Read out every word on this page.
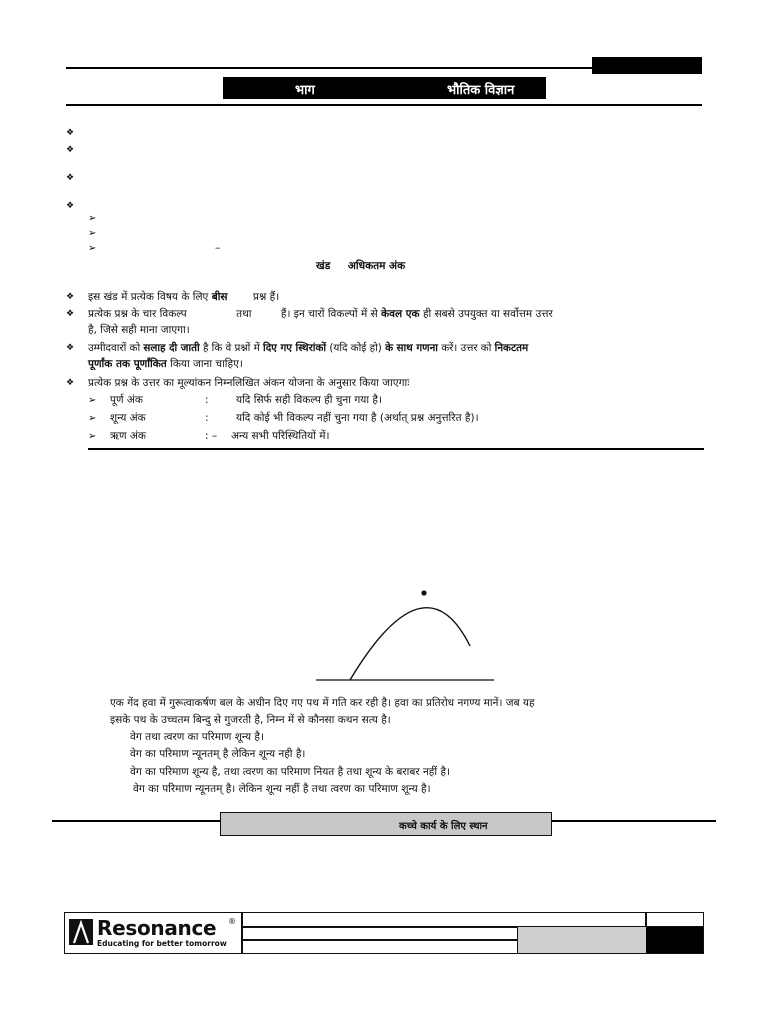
भाग	भौतिक विज्ञान
❖
❖
❖
❖
➢
➢
➢	–
खंड अधिकतम अंक
❖ इस खंड में प्रत्येक विषय के लिए बीस प्रश्न हैं।
❖ प्रत्येक प्रश्न के चार विकल्प	तथा	हैं। इन चारों विकल्पों में से केवल एक ही सबसे उपयुक्त या सर्वोत्तम उत्तर
है, जिसे सही माना जाएगा।
❖ उम्मीदवारों को सलाह दी जाती है कि वे प्रश्नों में दिए गए स्थिरांकों (यदि कोई हो) के साथ गणना करें। उत्तर को निकटतम
पूर्णांक तक पूर्णांकित किया जाना चाहिए।
❖ प्रत्येक प्रश्न के उत्तर का मूल्यांकन निम्नलिखित अंकन योजना के अनुसार किया जाएगाः
➢ पूर्ण अंक	:	यदि सिर्फ सही विकल्प ही चुना गया है।
➢ शून्य अंक	:	यदि कोई भी विकल्प नहीं चुना गया है (अर्थात् प्रश्न अनुत्तरित है)।
➢ ऋण अंक	: – अन्य सभी परिस्थितियों में।
एक गेंद हवा में गुरूत्वाकर्षण बल के अधीन दिए गए पथ में गति कर रही है। हवा का प्रतिरोध नगण्य मानें। जब यह
इसके पथ के उच्चतम बिन्दु से गुजरती है, निम्न में से कौनसा कथन सत्य है।
वेग तथा त्वरण का परिमाण शून्य है।
वेग का परिमाण न्यूनतम् है लेकिन शून्य नही है।
वेग का परिमाण शून्य है, तथा त्वरण का परिमाण नियत है तथा शून्य के बराबर नहीं है।
वेग का परिमाण न्यूनतम् है। लेकिन शून्य नहीं है तथा त्वरण का परिमाण शून्य है।
कच्चे कार्य के लिए स्थान
Resonance ®
Educating for better tomorrow
